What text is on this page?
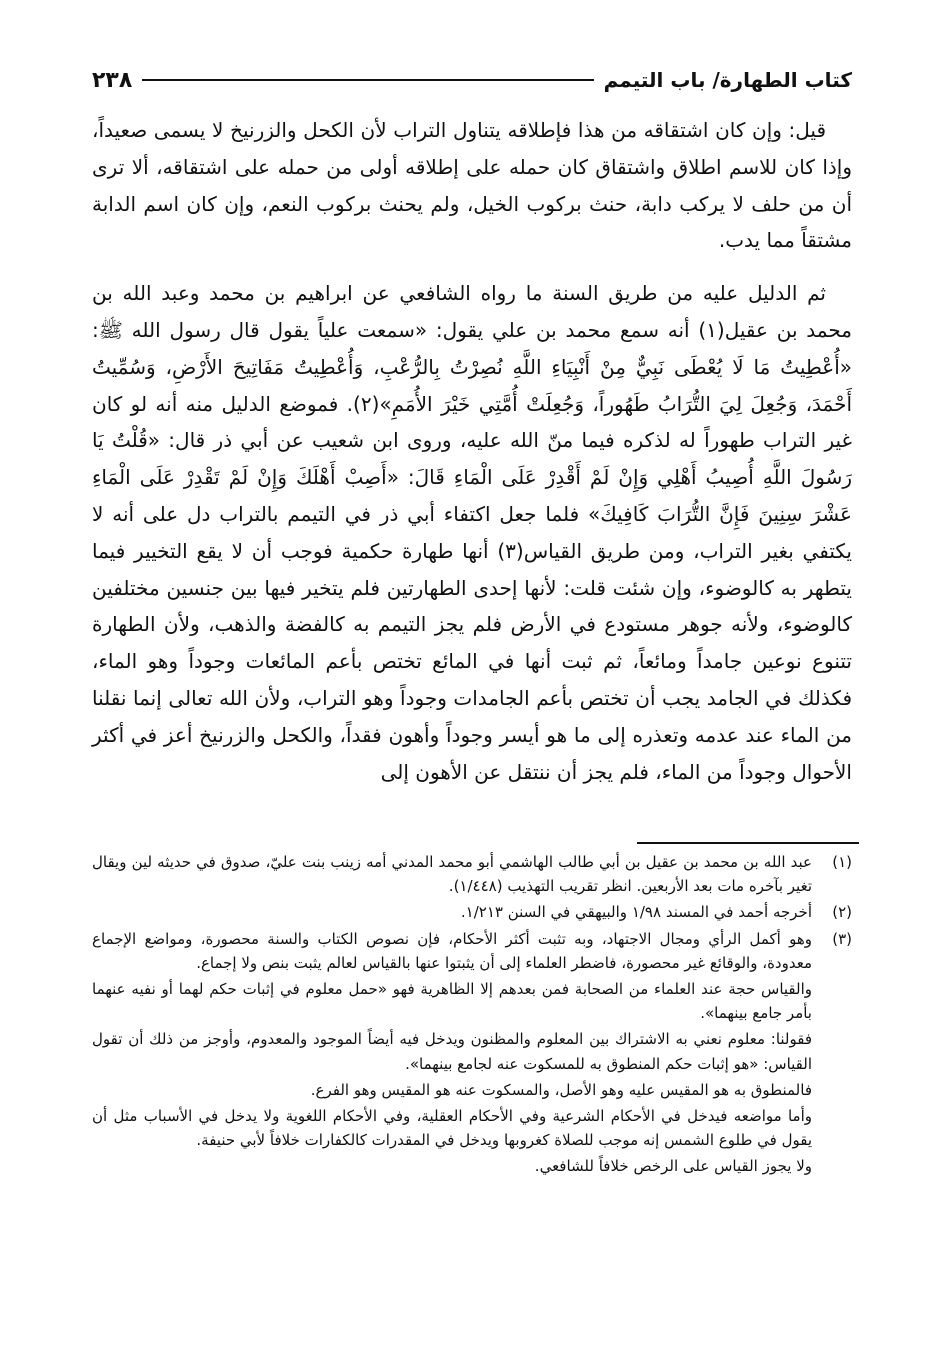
كتاب الطهارة/ باب التيمم
٢٣٨

قيل: وإن كان اشتقاقه من هذا فإطلاقه يتناول التراب لأن الكحل والزرنيخ لا يسمى صعيداً، وإذا كان للاسم اطلاق واشتقاق كان حمله على إطلاقه أولى من حمله على اشتقاقه، ألا ترى أن من حلف لا يركب دابة، حنث بركوب الخيل، ولم يحنث بركوب النعم، وإن كان اسم الدابة مشتقاً مما يدب.

ثم الدليل عليه من طريق السنة ما رواه الشافعي عن ابراهيم بن محمد وعبد الله بن محمد بن عقيل(١) أنه سمع محمد بن علي يقول: «سمعت علياً يقول قال رسول الله ﷺ: «أُعْطِيتُ مَا لَا يُعْطَى نَبِيٌّ مِنْ أَنْبِيَاءِ اللَّهِ نُصِرْتُ بِالرُّعْبِ، وَأُعْطِيتُ مَفَاتِيحَ الأَرْضِ، وَسُمِّيتُ أَحْمَدَ، وَجُعِلَ لِيَ التُّرَابُ طَهُوراً، وَجُعِلَتْ أُمَّتِي خَيْرَ الأُمَمِ»(٢). فموضع الدليل منه أنه لو كان غير التراب طهوراً له لذكره فيما منّ الله عليه، وروى ابن شعيب عن أبي ذر قال: «قُلْتُ يَا رَسُولَ اللَّهِ أُصِيبُ أَهْلِي وَإِنْ لَمْ أَقْدِرْ عَلَى الْمَاءِ قَالَ: «أَصِبْ أَهْلَكَ وَإِنْ لَمْ تَقْدِرْ عَلَى الْمَاءِ عَشْرَ سِنِينَ فَإِنَّ التُّرَابَ كَافِيكَ» فلما جعل اكتفاء أبي ذر في التيمم بالتراب دل على أنه لا يكتفي بغير التراب، ومن طريق القياس(٣) أنها طهارة حكمية فوجب أن لا يقع التخيير فيما يتطهر به كالوضوء، وإن شئت قلت: لأنها إحدى الطهارتين فلم يتخير فيها بين جنسين مختلفين كالوضوء، ولأنه جوهر مستودع في الأرض فلم يجز التيمم به كالفضة والذهب، ولأن الطهارة تتنوع نوعين جامداً ومائعاً، ثم ثبت أنها في المائع تختص بأعم المائعات وجوداً وهو الماء، فكذلك في الجامد يجب أن تختص بأعم الجامدات وجوداً وهو التراب، ولأن الله تعالى إنما نقلنا من الماء عند عدمه وتعذره إلى ما هو أيسر وجوداً وأهون فقداً، والكحل والزرنيخ أعز في أكثر الأحوال وجوداً من الماء، فلم يجز أن ننتقل عن الأهون إلى

(١)
عبد الله بن محمد بن عقيل بن أبي طالب الهاشمي أبو محمد المدني أمه زينب بنت عليّ، صدوق في حديثه لين ويقال تغير بآخره مات بعد الأربعين. انظر تقريب التهذيب (١/٤٤٨).
(٢)
أخرجه أحمد في المسند ١/٩٨ والبيهقي في السنن ١/٢١٣.
(٣)
وهو أكمل الرأي ومجال الاجتهاد، وبه تثبت أكثر الأحكام، فإن نصوص الكتاب والسنة محصورة، ومواضع الإجماع معدودة، والوقائع غير محصورة، فاضطر العلماء إلى أن يثبتوا عنها بالقياس لعالم يثبت بنص ولا إجماع.
والقياس حجة عند العلماء من الصحابة فمن بعدهم إلا الظاهرية فهو «حمل معلوم في إثبات حكم لهما أو نفيه عنهما بأمر جامع بينهما».
فقولنا: معلوم نعني به الاشتراك بين المعلوم والمظنون ويدخل فيه أيضاً الموجود والمعدوم، وأوجز من ذلك أن تقول القياس: «هو إثبات حكم المنطوق به للمسكوت عنه لجامع بينهما».
فالمنطوق به هو المقيس عليه وهو الأصل، والمسكوت عنه هو المقيس وهو الفرع.
وأما مواضعه فيدخل في الأحكام الشرعية وفي الأحكام العقلية، وفي الأحكام اللغوية ولا يدخل في الأسباب مثل أن يقول في طلوع الشمس إنه موجب للصلاة كغروبها ويدخل في المقدرات كالكفارات خلافاً لأبي حنيفة.
ولا يجوز القياس على الرخص خلافاً للشافعي.
